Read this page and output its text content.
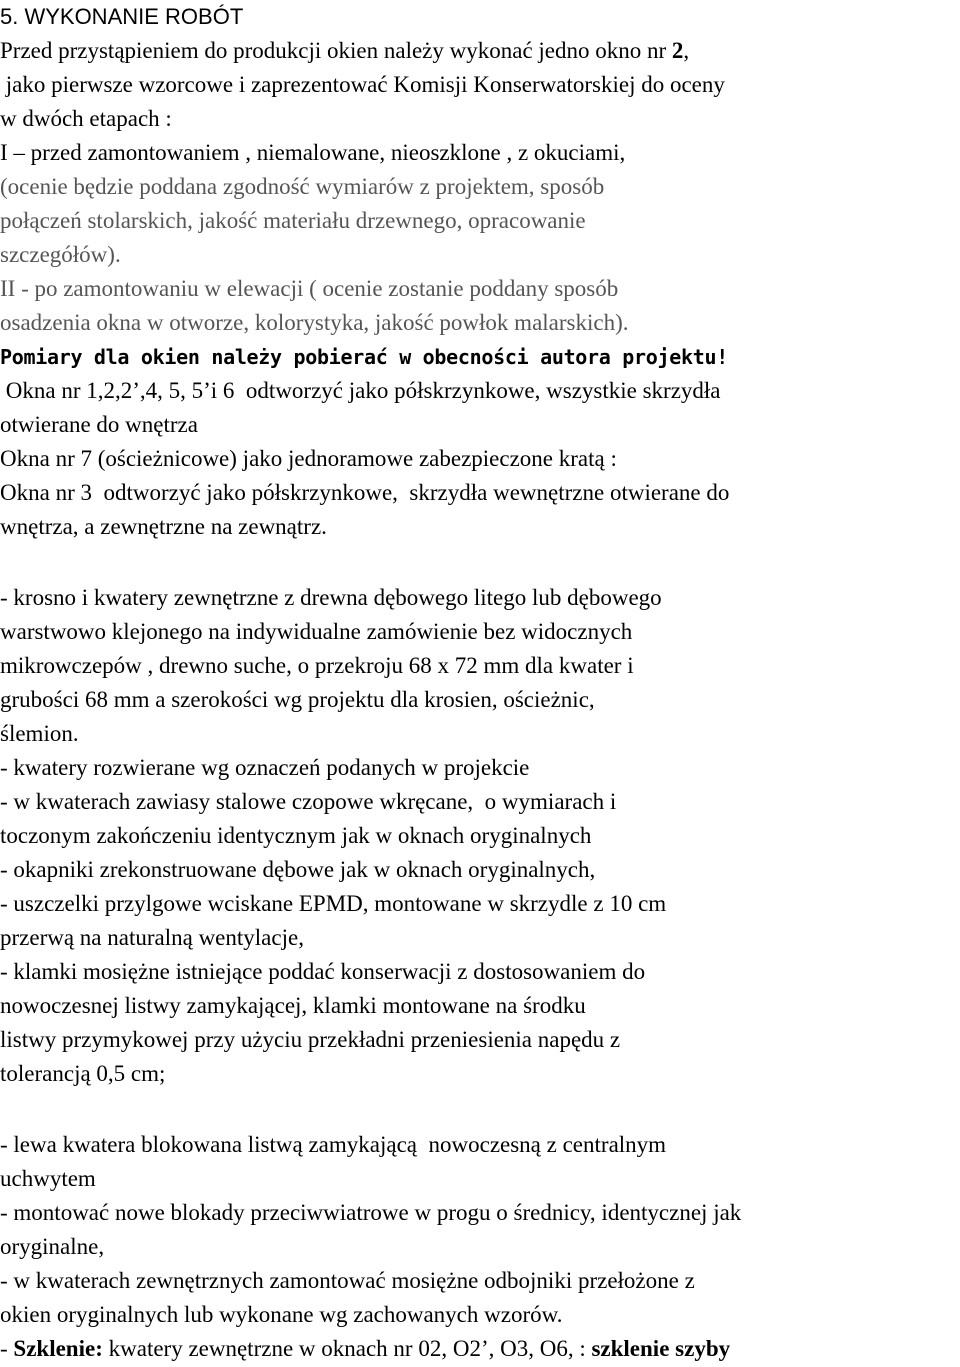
5. WYKONANIE ROBÓT
Przed przystąpieniem do produkcji okien należy wykonać jedno okno nr 2,
jako pierwsze wzorcowe i zaprezentować Komisji Konserwatorskiej do oceny
w dwóch etapach :
I – przed zamontowaniem , niemalowane, nieoszklone , z okuciami,
(ocenie będzie poddana zgodność wymiarów z projektem, sposób
połączeń stolarskich, jakość materiału drzewnego, opracowanie
szczegółów).
II - po zamontowaniu w elewacji ( ocenie zostanie poddany sposób
osadzenia okna w otworze, kolorystyka, jakość powłok malarskich).
Pomiary dla okien należy pobierać w obecności autora projektu!
Okna nr 1,2,2’,4, 5, 5’i 6  odtworzyć jako półskrzynkowe, wszystkie skrzydła
otwierane do wnętrza
Okna nr 7 (ościeżnicowe) jako jednoramowe zabezpieczone kratą :
Okna nr 3  odtworzyć jako półskrzynkowe,  skrzydła wewnętrzne otwierane do
wnętrza, a zewnętrzne na zewnątrz.
- krosno i kwatery zewnętrzne z drewna dębowego litego lub dębowego
warstwowo klejonego na indywidualne zamówienie bez widocznych
mikrowczepów , drewno suche, o przekroju 68 x 72 mm dla kwater i
grubości 68 mm a szerokości wg projektu dla krosien, ościeżnic,
ślemion.
- kwatery rozwierane wg oznaczeń podanych w projekcie
- w kwaterach zawiasy stalowe czopowe wkręcane,  o wymiarach i
toczonym zakończeniu identycznym jak w oknach oryginalnych
- okapniki zrekonstruowane dębowe jak w oknach oryginalnych,
- uszczelki przylgowe wciskane EPMD, montowane w skrzydle z 10 cm
przerwą na naturalną wentylacje,
- klamki mosiężne istniejące poddać konserwacji z dostosowaniem do
nowoczesnej listwy zamykającej, klamki montowane na środku
listwy przymykowej przy użyciu przekładni przeniesienia napędu z
tolerancją 0,5 cm;
- lewa kwatera blokowana listwą zamykającą  nowoczesną z centralnym
uchwytem
- montować nowe blokady przeciwwiatrowe w progu o średnicy, identycznej jak
oryginalne,
- w kwaterach zewnętrznych zamontować mosiężne odbojniki przełożone z
okien oryginalnych lub wykonane wg zachowanych wzorów.
- Szklenie: kwatery zewnętrzne w oknach nr 02, O2’, O3, O6, : szklenie szyby
